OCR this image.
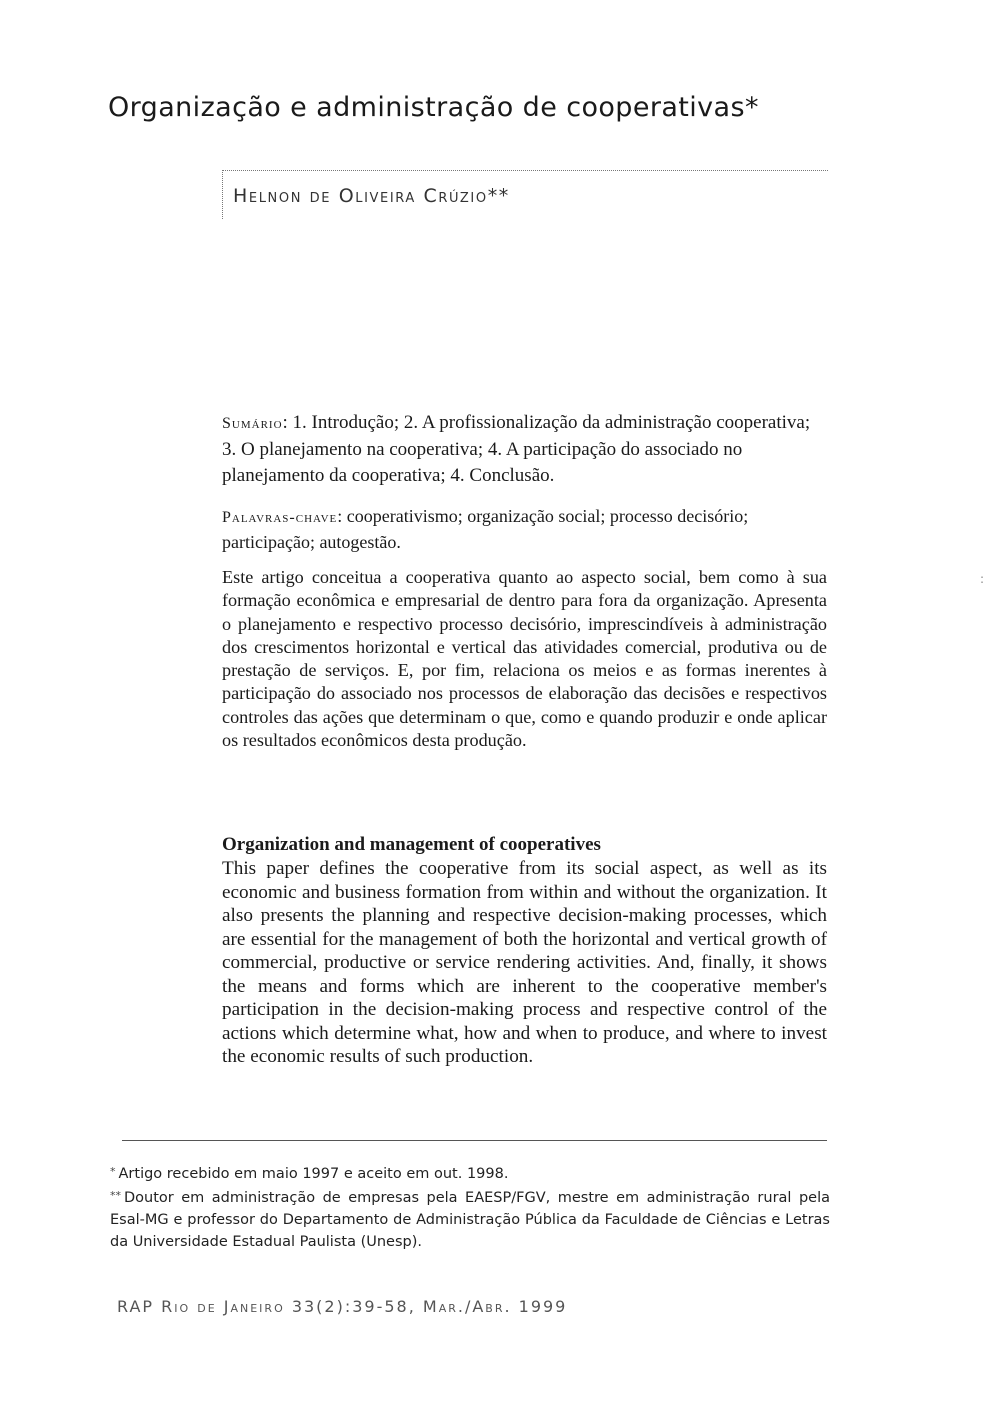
Organização e administração de cooperativas*
Helnon de Oliveira Crúzio**

Sumário: 1. Introdução; 2. A profissionalização da administração cooperativa; 3. O planejamento na cooperativa; 4. A participação do associado no planejamento da cooperativa; 4. Conclusão.

Palavras-chave: cooperativismo; organização social; processo decisório; participação; autogestão.

Este artigo conceitua a cooperativa quanto ao aspecto social, bem como à sua formação econômica e empresarial de dentro para fora da organização. Apresenta o planejamento e respectivo processo decisório, imprescindíveis à administração dos crescimentos horizontal e vertical das atividades comercial, produtiva ou de prestação de serviços. E, por fim, relaciona os meios e as formas inerentes à participação do associado nos processos de elaboração das decisões e respectivos controles das ações que determinam o que, como e quando produzir e onde aplicar os resultados econômicos desta produção.

Organization and management of cooperatives

This paper defines the cooperative from its social aspect, as well as its economic and business formation from within and without the organization. It also presents the planning and respective decision-making processes, which are essential for the management of both the horizontal and vertical growth of commercial, productive or service rendering activities. And, finally, it shows the means and forms which are inherent to the cooperative member's participation in the decision-making process and respective control of the actions which determine what, how and when to produce, and where to invest the economic results of such production.

* Artigo recebido em maio 1997 e aceito em out. 1998.

** Doutor em administração de empresas pela EAESP/FGV, mestre em administração rural pela Esal-MG e professor do Departamento de Administração Pública da Faculdade de Ciências e Letras da Universidade Estadual Paulista (Unesp).

RAP Rio de Janeiro 33(2):39-58, Mar./Abr. 1999
:
